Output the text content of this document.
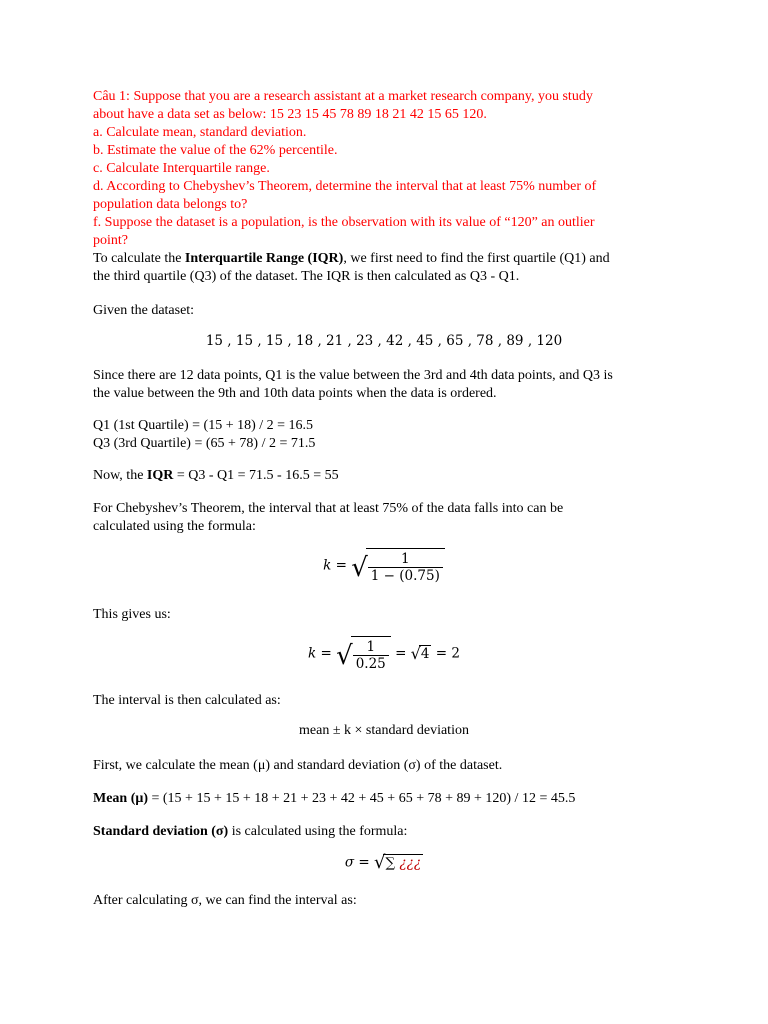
Câu 1: Suppose that you are a research assistant at a market research company, you study
about have a data set as below: 15 23 15 45 78 89 18 21 42 15 65 120.
a. Calculate mean, standard deviation.
b. Estimate the value of the 62% percentile.
c. Calculate Interquartile range.
d. According to Chebyshev’s Theorem, determine the interval that at least 75% number of
population data belongs to?
f. Suppose the dataset is a population, is the observation with its value of “120” an outlier
point?
To calculate the Interquartile Range (IQR), we first need to find the first quartile (Q1) and
the third quartile (Q3) of the dataset. The IQR is then calculated as Q3 - Q1.
Given the dataset:
15 , 15 , 15 , 18 , 21 , 23 , 42 , 45 , 65 , 78 , 89 , 120
Since there are 12 data points, Q1 is the value between the 3rd and 4th data points, and Q3 is
the value between the 9th and 10th data points when the data is ordered.
Q1 (1st Quartile) = (15 + 18) / 2 = 16.5
Q3 (3rd Quartile) = (65 + 78) / 2 = 71.5
Now, the IQR = Q3 - Q1 = 71.5 - 16.5 = 55
For Chebyshev’s Theorem, the interval that at least 75% of the data falls into can be
calculated using the formula:
k = √ $\frac{1}{1 - (0.75)}$
This gives us:
k = √ $\frac{1}{0.25} = √4 = 2$
The interval is then calculated as:
mean ± k × standard deviation
First, we calculate the mean (μ) and standard deviation (σ) of the dataset.
Mean (μ) = (15 + 15 + 15 + 18 + 21 + 23 + 42 + 45 + 65 + 78 + 89 + 120) / 12 = 45.5
Standard deviation (σ) is calculated using the formula:
σ = √∑ ¿¿¿
After calculating σ, we can find the interval as:
